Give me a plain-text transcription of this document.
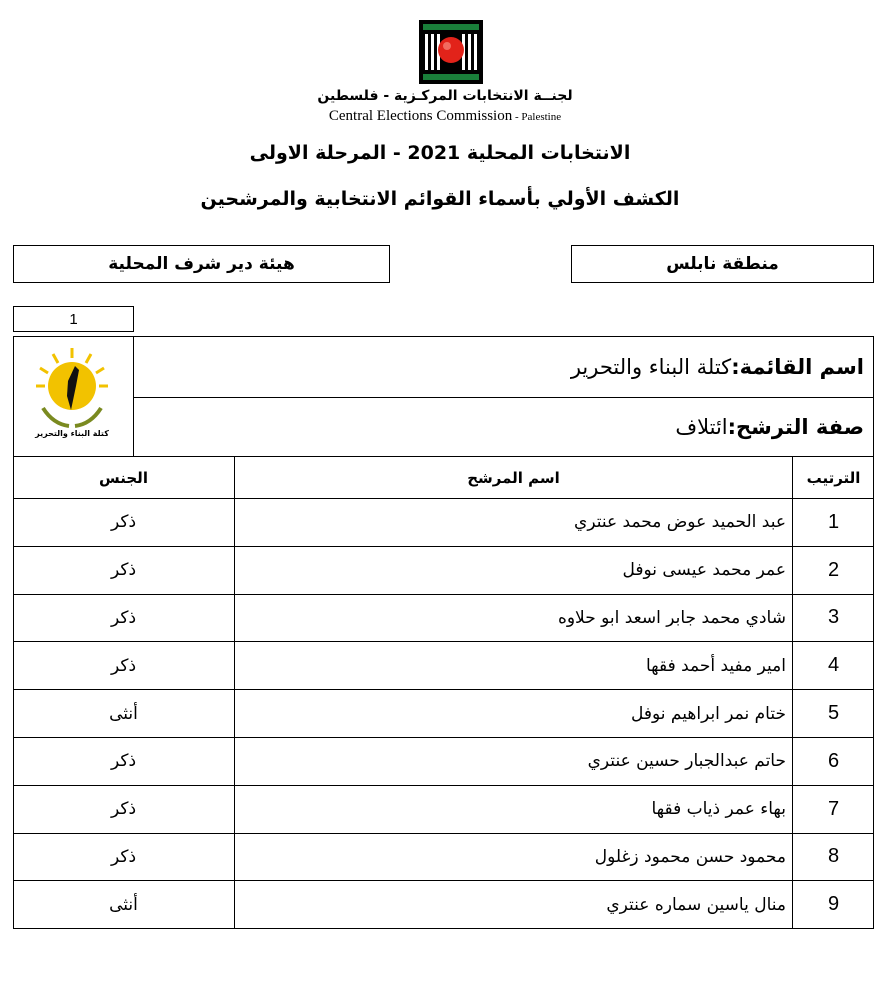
لجنــة الانتخابات المركـزية - فلسطين
Central Elections Commission - Palestine
الانتخابات المحلية 2021 - المرحلة الاولى
الكشف الأولي بأسماء القوائم الانتخابية والمرشحين
منطقة نابلس
هيئة دير شرف المحلية
1
كتلة البناء والتحرير
اسم القائمة:
كتلة البناء والتحرير
صفة الترشح:
ائتلاف
الترتيب
اسم المرشح
الجنس
1
عبد الحميد عوض محمد عنتري
ذكر
2
عمر محمد عيسى نوفل
ذكر
3
شادي محمد جابر اسعد ابو حلاوه
ذكر
4
امير مفيد أحمد فقها
ذكر
5
ختام نمر ابراهيم نوفل
أنثى
6
حاتم عبدالجبار حسين عنتري
ذكر
7
بهاء عمر ذياب فقها
ذكر
8
محمود حسن محمود زغلول
ذكر
9
منال ياسين سماره عنتري
أنثى
